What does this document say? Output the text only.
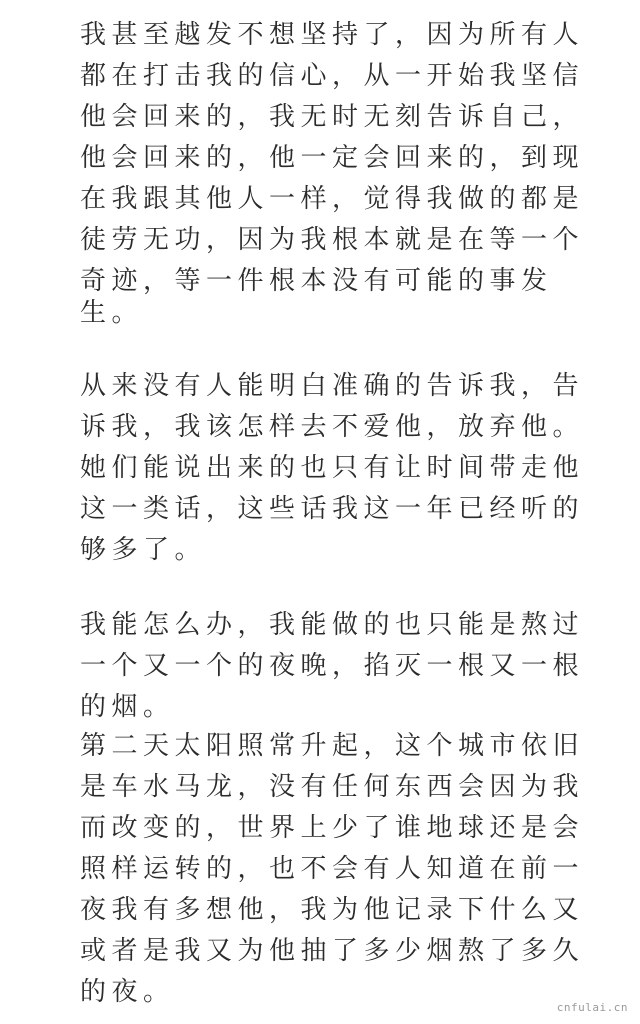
我甚至越发不想坚持了，因为所有人
都在打击我的信心，从一开始我坚信
他会回来的，我无时无刻告诉自己，
他会回来的，他一定会回来的，到现
在我跟其他人一样，觉得我做的都是
徒劳无功，因为我根本就是在等一个
奇迹，等一件根本没有可能的事发
生。
从来没有人能明白准确的告诉我，告
诉我，我该怎样去不爱他，放弃他。
她们能说出来的也只有让时间带走他
这一类话，这些话我这一年已经听的
够多了。
我能怎么办，我能做的也只能是熬过
一个又一个的夜晚，掐灭一根又一根
的烟。
第二天太阳照常升起，这个城市依旧
是车水马龙，没有任何东西会因为我
而改变的，世界上少了谁地球还是会
照样运转的，也不会有人知道在前一
夜我有多想他，我为他记录下什么又
或者是我又为他抽了多少烟熬了多久
的夜。
cnfulai.cn
